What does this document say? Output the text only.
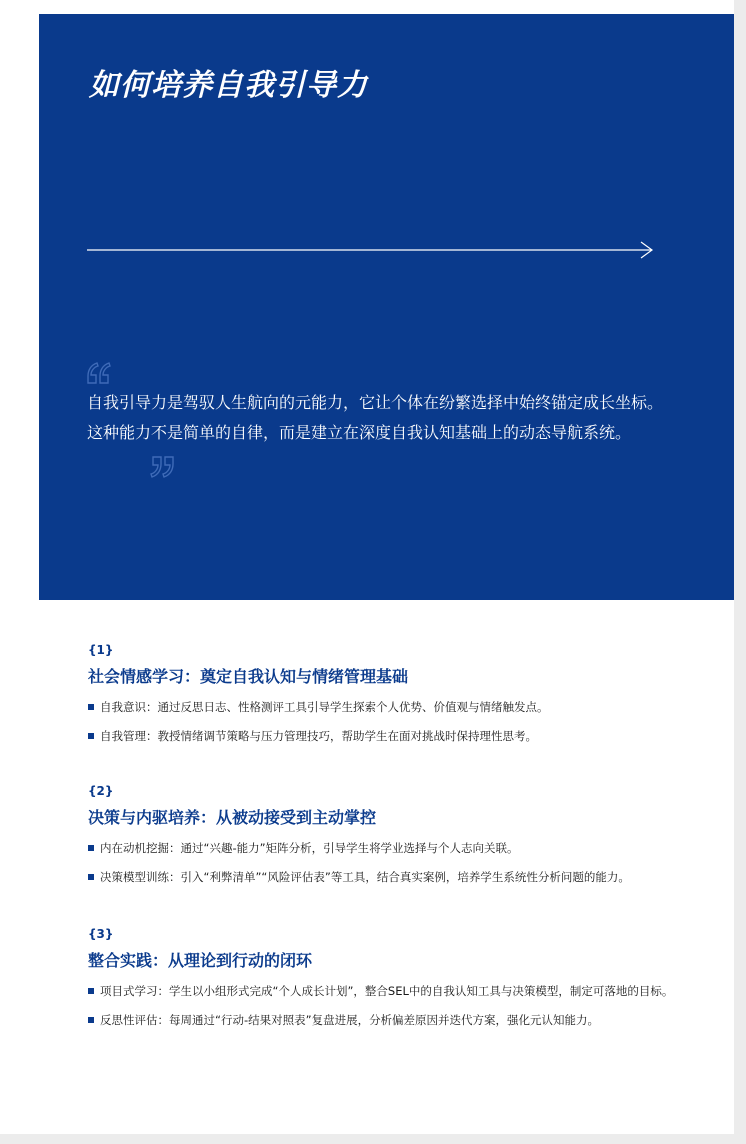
如何培养自我引导力

自我引导力是驾驭人生航向的元能力，它让个体在纷繁选择中始终锚定成长坐标。这种能力不是简单的自律，而是建立在深度自我认知基础上的动态导航系统。

{1}
社会情感学习：奠定自我认知与情绪管理基础
自我意识：通过反思日志、性格测评工具引导学生探索个人优势、价值观与情绪触发点。
自我管理：教授情绪调节策略与压力管理技巧，帮助学生在面对挑战时保持理性思考。
{2}
决策与内驱培养：从被动接受到主动掌控
内在动机挖掘：通过“兴趣-能力”矩阵分析，引导学生将学业选择与个人志向关联。
决策模型训练：引入“利弊清单”“风险评估表”等工具，结合真实案例，培养学生系统性分析问题的能力。
{3}
整合实践：从理论到行动的闭环
项目式学习：学生以小组形式完成“个人成长计划”，整合SEL中的自我认知工具与决策模型，制定可落地的目标。
反思性评估：每周通过“行动-结果对照表”复盘进展，分析偏差原因并迭代方案，强化元认知能力。
